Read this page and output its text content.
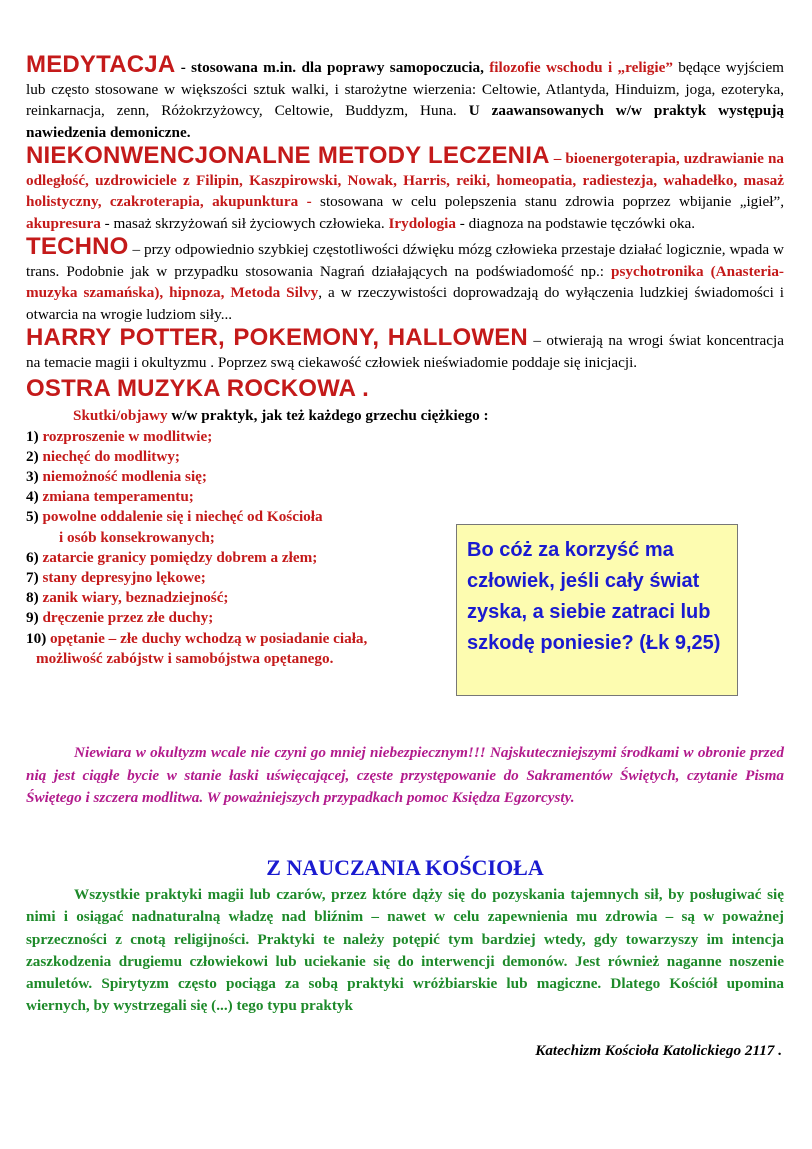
MEDYTACJA - stosowana m.in. dla poprawy samopoczucia, filozofie wschodu i „religie” będące wyjściem lub często stosowane w większości sztuk walki, i starożytne wierzenia: Celtowie, Atlantyda, Hinduizm, joga, ezoteryka, reinkarnacja, zenn, Różokrzyżowcy, Celtowie, Buddyzm, Huna. U zaawansowanych w/w praktyk występują nawiedzenia demoniczne.
NIEKONWENCJONALNE METODY LECZENIA – bioenergoterapia, uzdrawianie na odległość, uzdrowiciele z Filipin, Kaszpirowski, Nowak, Harris, reiki, homeopatia, radiestezja, wahadełko, masaż holistyczny, czakroterapia, akupunktura - stosowana w celu polepszenia stanu zdrowia poprzez wbijanie „igieł”, akupresura - masaż skrzyżowań sił życiowych człowieka. Irydologia - diagnoza na podstawie tęczówki oka.
TECHNO – przy odpowiednio szybkiej częstotliwości dźwięku mózg człowieka przestaje działać logicznie, wpada w trans. Podobnie jak w przypadku stosowania Nagrań działających na podświadomość np.: psychotronika (Anasteria-muzyka szamańska), hipnoza, Metoda Silvy, a w rzeczywistości doprowadzają do wyłączenia ludzkiej świadomości i otwarcia na wrogie ludziom siły...
HARRY POTTER, POKEMONY, HALLOWEN – otwierają na wrogi świat koncentracja na temacie magii i okultyzmu . Poprzez swą ciekawość człowiek nieświadomie poddaje się inicjacji.
OSTRA MUZYKA ROCKOWA .
Skutki/objawy w/w praktyk, jak też każdego grzechu ciężkiego :
1) rozproszenie w modlitwie;
2) niechęć do modlitwy;
3) niemożność modlenia się;
4) zmiana temperamentu;
5) powolne oddalenie się i niechęć od Kościoła
i osób konsekrowanych;
6) zatarcie granicy pomiędzy dobrem a złem;
7) stany depresyjno lękowe;
8) zanik wiary, beznadziejność;
9) dręczenie przez złe duchy;
10) opętanie – złe duchy wchodzą w posiadanie ciała,
możliwość zabójstw i samobójstwa opętanego.
Bo cóż za korzyść ma człowiek, jeśli cały świat zyska, a siebie zatraci lub szkodę poniesie? (Łk 9,25)
Niewiara w okultyzm wcale nie czyni go mniej niebezpiecznym!!! Najskuteczniejszymi środkami w obronie przed nią jest ciągłe bycie w stanie łaski uświęcającej, częste przystępowanie do Sakramentów Świętych, czytanie Pisma Świętego i szczera modlitwa. W poważniejszych przypadkach pomoc Księdza Egzorcysty.
Z NAUCZANIA KOŚCIOŁA
Wszystkie praktyki magii lub czarów, przez które dąży się do pozyskania tajemnych sił, by posługiwać się nimi i osiągać nadnaturalną władzę nad bliźnim – nawet w celu zapewnienia mu zdrowia – są w poważnej sprzeczności z cnotą religijności. Praktyki te należy potępić tym bardziej wtedy, gdy towarzyszy im intencja zaszkodzenia drugiemu człowiekowi lub uciekanie się do interwencji demonów. Jest również naganne noszenie amuletów. Spirytyzm często pociąga za sobą praktyki wróżbiarskie lub magiczne. Dlatego Kościół upomina wiernych, by wystrzegali się (...) tego typu praktyk
Katechizm Kościoła Katolickiego 2117 .
